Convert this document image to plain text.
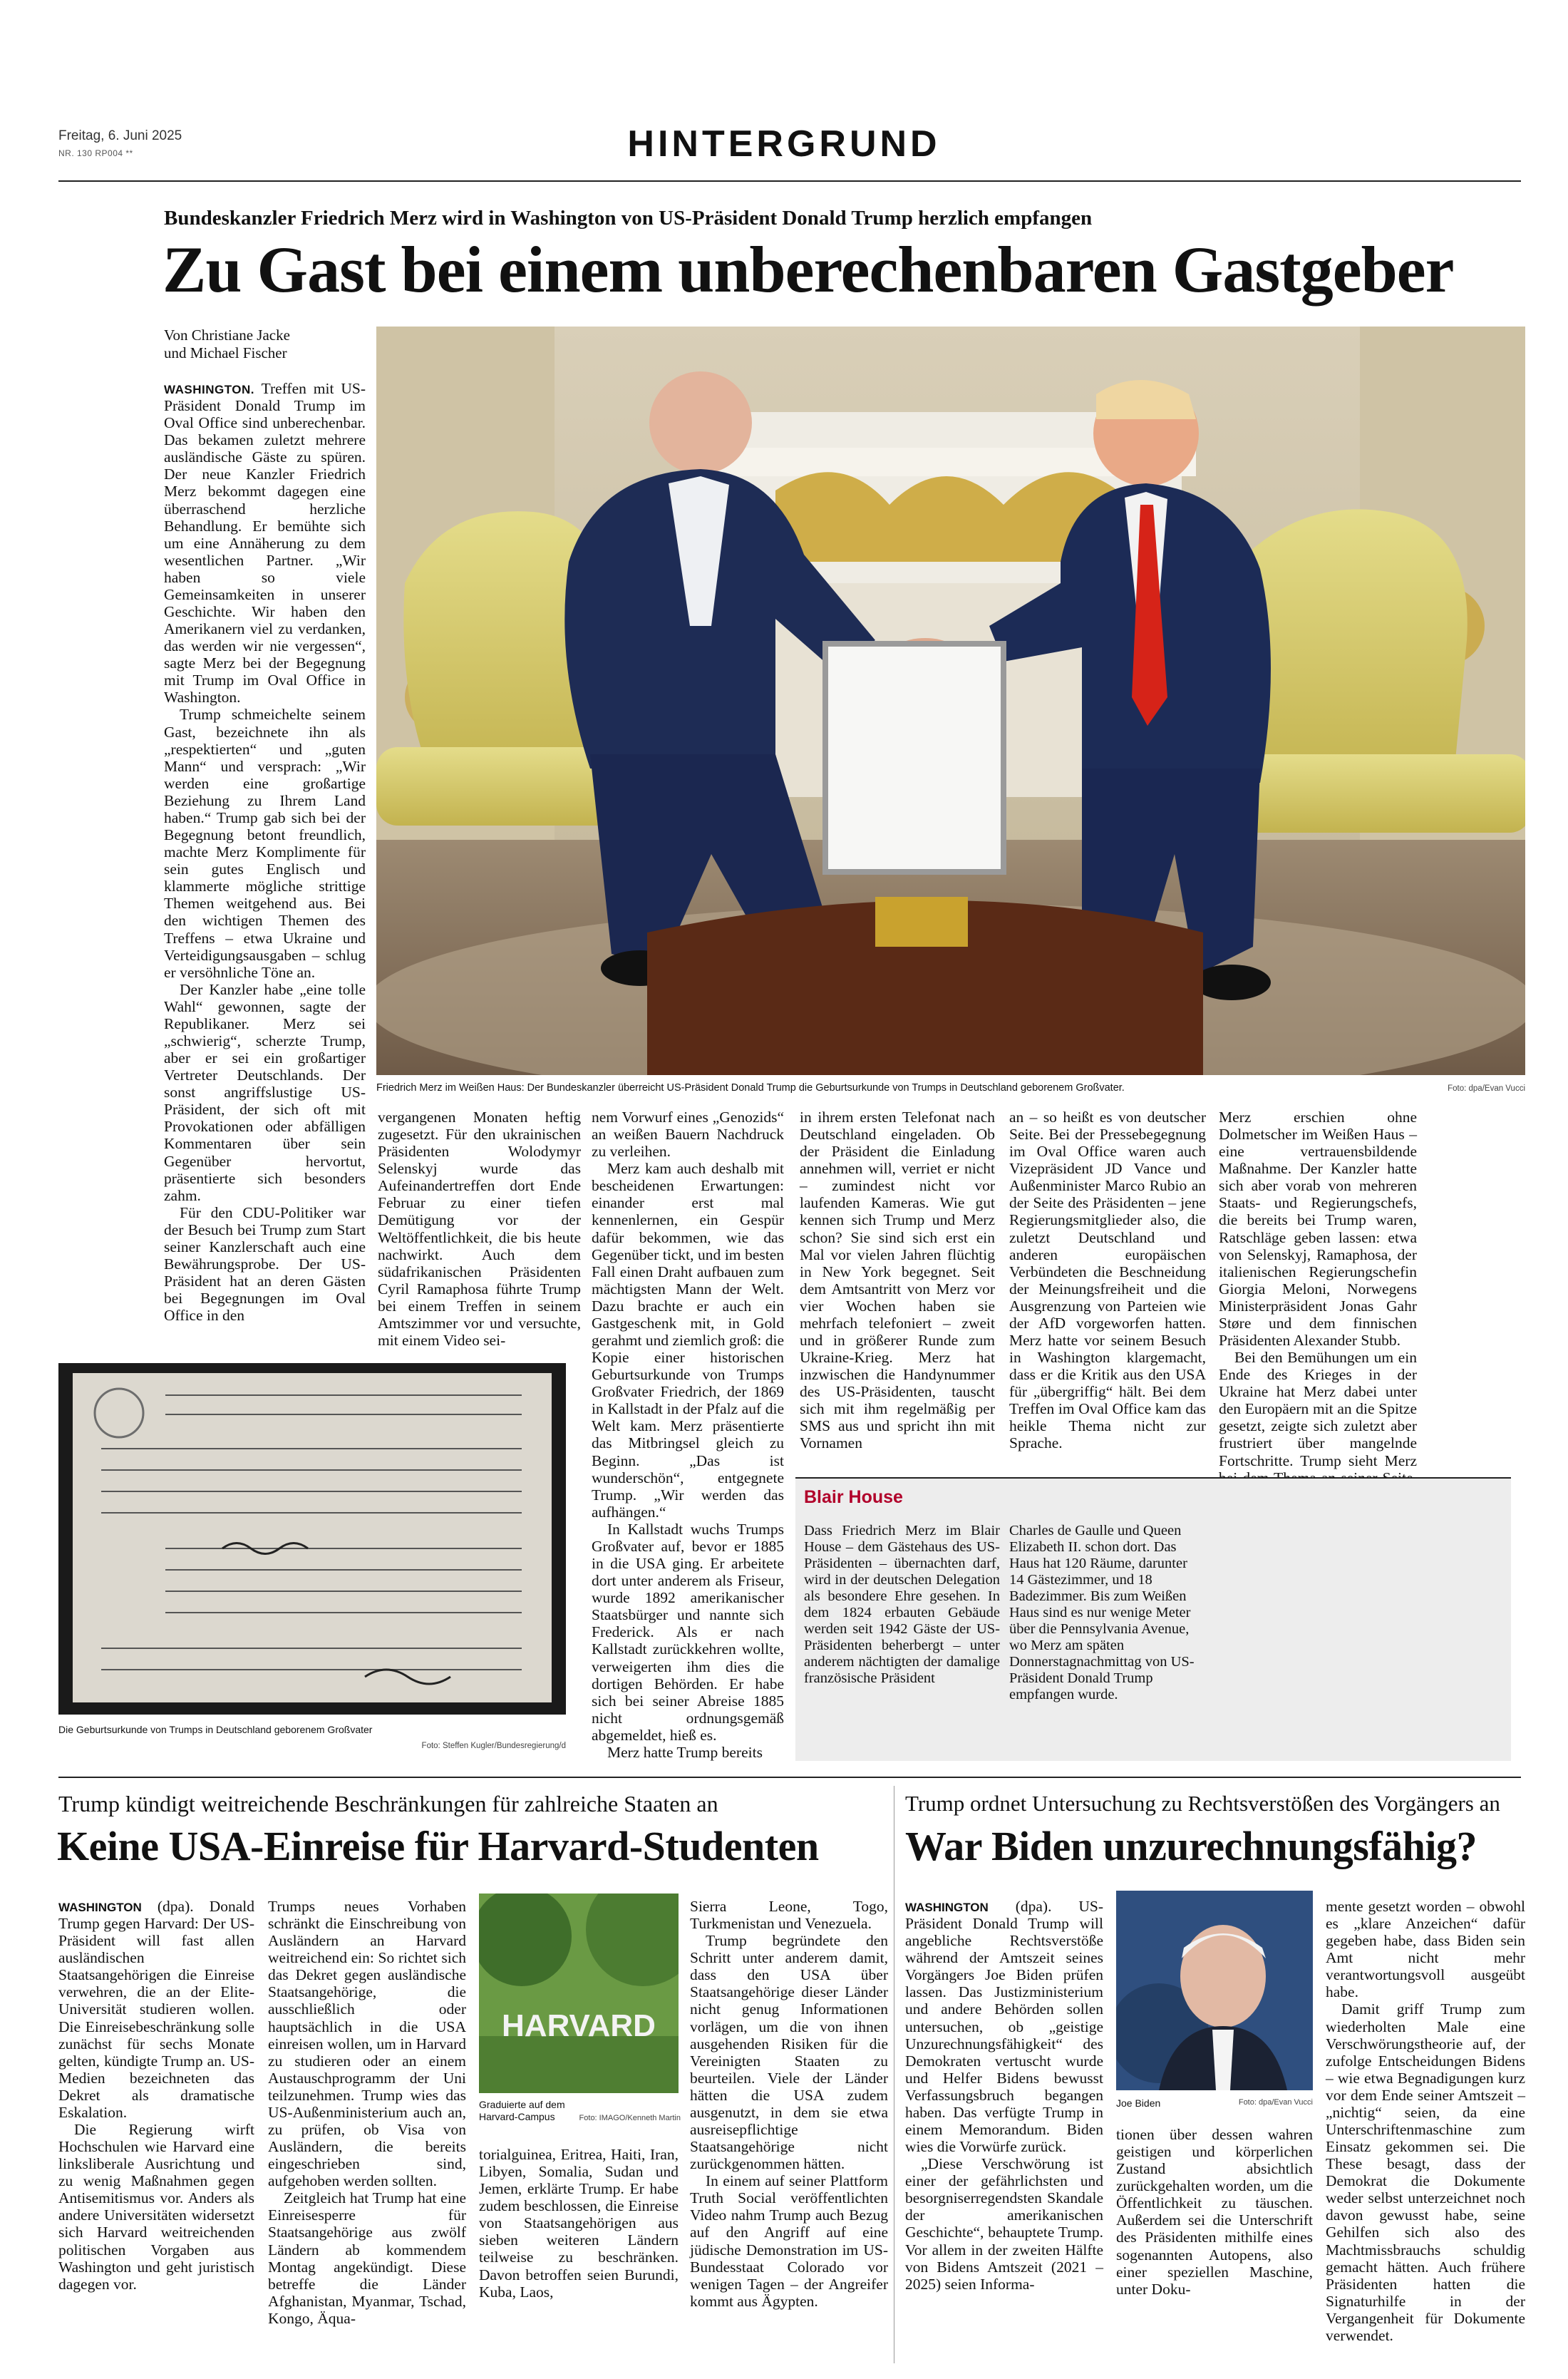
Freitag, 6. Juni 2025
NR. 130 RP004 **	HINTERGRUND
Bundeskanzler Friedrich Merz wird in Washington von US-Präsident Donald Trump herzlich empfangen
Zu Gast bei einem unberechenbaren Gastgeber
Von Christiane Jacke
und Michael Fischer

WASHINGTON. Treffen mit US-Präsident Donald Trump im Oval Office sind unberechenbar. Das bekamen zuletzt mehrere ausländische Gäste zu spüren. Der neue Kanzler Friedrich Merz bekommt dagegen eine überraschend herzliche Behandlung. Er bemühte sich um eine Annäherung zu dem wesentlichen Partner. „Wir haben so viele Gemeinsamkeiten in unserer Geschichte. Wir haben den Amerikanern viel zu verdanken, das werden wir nie vergessen“, sagte Merz bei der Begegnung mit Trump im Oval Office in Washington.

Trump schmeichelte seinem Gast, bezeichnete ihn als „respektierten“ und „guten Mann“ und versprach: „Wir werden eine großartige Beziehung zu Ihrem Land haben.“ Trump gab sich bei der Begegnung betont freundlich, machte Merz Komplimente für sein gutes Englisch und klammerte mögliche strittige Themen weitgehend aus. Bei den wichtigen Themen des Treffens – etwa Ukraine und Verteidigungsausgaben – schlug er versöhnliche Töne an.

Der Kanzler habe „eine tolle Wahl“ gewonnen, sagte der Republikaner. Merz sei „schwierig“, scherzte Trump, aber er sei ein großartiger Vertreter Deutschlands. Der sonst angriffslustige US-Präsident, der sich oft mit Provokationen oder abfälligen Kommentaren über sein Gegenüber hervortut, präsentierte sich besonders zahm.

Für den CDU-Politiker war der Besuch bei Trump zum Start seiner Kanzlerschaft auch eine Bewährungsprobe. Der US-Präsident hat an deren Gästen bei Begegnungen im Oval Office in den

Friedrich Merz im Weißen Haus: Der Bundeskanzler überreicht US-Präsident Donald Trump die Geburtsurkunde von Trumps in Deutschland geborenem Großvater.	Foto: dpa/Evan Vucci

vergangenen Monaten heftig zugesetzt. Für den ukrainischen Präsidenten Wolodymyr Selenskyj wurde das Aufeinandertreffen dort Ende Februar zu einer tiefen Demütigung vor der Weltöffentlichkeit, die bis heute nachwirkt. Auch dem südafrikanischen Präsidenten Cyril Ramaphosa führte Trump bei einem Treffen in seinem Amtszimmer vor und versuchte, mit einem Video sei-

nem Vorwurf eines „Genozids“ an weißen Bauern Nachdruck zu verleihen.

Merz kam auch deshalb mit bescheidenen Erwartungen: einander erst mal kennenlernen, ein Gespür dafür bekommen, wie das Gegenüber tickt, und im besten Fall einen Draht aufbauen zum mächtigsten Mann der Welt. Dazu brachte er auch ein Gastgeschenk mit, in Gold gerahmt und ziemlich groß: die Kopie einer historischen Geburtsurkunde von Trumps Großvater Friedrich, der 1869 in Kallstadt in der Pfalz auf die Welt kam. Merz präsentierte das Mitbringsel gleich zu Beginn. „Das ist wunderschön“, entgegnete Trump. „Wir werden das aufhängen.“

In Kallstadt wuchs Trumps Großvater auf, bevor er 1885 in die USA ging. Er arbeitete dort unter anderem als Friseur, wurde 1892 amerikanischer Staatsbürger und nannte sich Frederick. Als er nach Kallstadt zurückkehren wollte, verweigerten ihm dies die dortigen Behörden. Er habe sich bei seiner Abreise 1885 nicht ordnungsgemäß abgemeldet, hieß es.

Merz hatte Trump bereits

in ihrem ersten Telefonat nach Deutschland eingeladen. Ob der Präsident die Einladung annehmen will, verriet er nicht – zumindest nicht vor laufenden Kameras. Wie gut kennen sich Trump und Merz schon? Sie sind sich erst ein Mal vor vielen Jahren flüchtig in New York begegnet. Seit dem Amtsantritt von Merz vor vier Wochen haben sie mehrfach telefoniert – zweit und in größerer Runde zum Ukraine-Krieg. Merz hat inzwischen die Handynummer des US-Präsidenten, tauscht sich mit ihm regelmäßig per SMS aus und spricht ihn mit Vornamen

an – so heißt es von deutscher Seite. Bei der Pressebegegnung im Oval Office waren auch Vizepräsident JD Vance und Außenminister Marco Rubio an der Seite des Präsidenten – jene Regierungsmitglieder also, die zuletzt Deutschland und anderen europäischen Verbündeten die Beschneidung der Meinungsfreiheit und die Ausgrenzung von Parteien wie der AfD vorgeworfen hatten. Merz hatte vor seinem Besuch in Washington klargemacht, dass er die Kritik aus den USA für „übergriffig“ hält. Bei dem Treffen im Oval Office kam das heikle Thema nicht zur Sprache.

Merz erschien ohne Dolmetscher im Weißen Haus – eine vertrauensbildende Maßnahme. Der Kanzler hatte sich aber vorab von mehreren Staats- und Regierungschefs, die bereits bei Trump waren, Ratschläge geben lassen: etwa von Selenskyj, Ramaphosa, der italienischen Regierungschefin Giorgia Meloni, Norwegens Ministerpräsident Jonas Gahr Støre und dem finnischen Präsidenten Alexander Stubb.

Bei den Bemühungen um ein Ende des Krieges in der Ukraine hat Merz dabei unter den Europäern mit an die Spitze gesetzt, zeigte sich zuletzt aber frustriert über mangelnde Fortschritte. Trump sieht Merz

Die Geburtsurkunde von Trumps in Deutschland geborenem Großvater
Foto: Steffen Kugler/Bundesregierung/d
Blair House

Dass Friedrich Merz im Blair House – dem Gästehaus des US-Präsidenten – übernachten darf, wird in der deutschen Delegation als besondere Ehre gesehen. In dem 1824 erbauten Gebäude werden seit 1942 Gäste der US-Präsidenten beherbergt – unter anderem nächtigten der damalige französische Präsident

Charles de Gaulle und Queen Elizabeth II. schon dort. Das Haus hat 120 Räume, darunter 14 Gästezimmer, und 18 Badezimmer. Bis zum Weißen Haus sind es nur wenige Meter über die Pennsylvania Avenue, wo Merz am späten Donnerstagnachmittag von US-Präsident Donald Trump empfangen wurde.

Trump kündigt weitreichende Beschränkungen für zahlreiche Staaten an
Keine USA-Einreise für Harvard-Studenten

WASHINGTON (dpa). Donald Trump gegen Harvard: Der US-Präsident will fast allen ausländischen Staatsangehörigen die Einreise verwehren, die an der Elite-Universität studieren wollen. Die Einreisebeschränkung solle zunächst für sechs Monate gelten, kündigte Trump an. US-Medien bezeichneten das Dekret als dramatische Eskalation.

Die Regierung wirft Hochschulen wie Harvard eine linksliberale Ausrichtung und zu wenig Maßnahmen gegen Antisemitismus vor. Anders als andere Universitäten widersetzt sich Harvard weitreichenden politischen Vorgaben aus Washington und geht juristisch dagegen vor.

Trumps neues Vorhaben schränkt die Einschreibung von Ausländern an Harvard weitreichend ein: So richtet sich das Dekret gegen ausländische Staatsangehörige, die ausschließlich oder hauptsächlich in die USA einreisen wollen, um in Harvard zu studieren oder an einem Austauschprogramm der Uni teilzunehmen. Trump wies das US-Außenministerium auch an, zu prüfen, ob Visa von Ausländern, die bereits eingeschrieben sind, aufgehoben werden sollten.

Zeitgleich hat Trump hat eine Einreisesperre für Staatsangehörige aus zwölf Ländern ab kommendem Montag angekündigt. Diese betreffe die Länder Afghanistan, Myanmar, Tschad, Kongo, Äqua-

HARVARD
Graduierte auf dem Harvard-Campus	Foto: IMAGO/Kenneth Martin

torialguinea, Eritrea, Haiti, Iran, Libyen, Somalia, Sudan und Jemen, erklärte Trump. Er habe zudem beschlossen, die Einreise von Staatsangehörigen aus sieben weiteren Ländern teilweise zu beschränken. Davon betroffen seien Burundi, Kuba, Laos,

Sierra Leone, Togo, Turkmenistan und Venezuela.

Trump begründete den Schritt unter anderem damit, dass den USA über Staatsangehörige dieser Länder nicht genug Informationen vorlägen, um die von ihnen ausgehenden Risiken für die Vereinigten Staaten zu beurteilen. Viele der Länder hätten die USA zudem ausgenutzt, in dem sie etwa ausreisepflichtige Staatsangehörige nicht zurückgenommen hätten.

In einem auf seiner Plattform Truth Social veröffentlichten Video nahm Trump auch Bezug auf den Angriff auf eine jüdische Demonstration im US-Bundesstaat Colorado vor wenigen Tagen – der Angreifer kommt aus Ägypten.

Trump ordnet Untersuchung zu Rechtsverstößen des Vorgängers an
War Biden unzurechnungsfähig?

WASHINGTON (dpa). US-Präsident Donald Trump will angebliche Rechtsverstöße während der Amtszeit seines Vorgängers Joe Biden prüfen lassen. Das Justizministerium und andere Behörden sollen untersuchen, ob „geistige Unzurechnungsfähigkeit“ des Demokraten vertuscht wurde und Helfer Bidens bewusst Verfassungsbruch begangen haben. Das verfügte Trump in einem Memorandum. Biden wies die Vorwürfe zurück.

„Diese Verschwörung ist einer der gefährlichsten und besorgniserregendsten Skandale der amerikanischen Geschichte“, behauptete Trump. Vor allem in der zweiten Hälfte von Bidens Amtszeit (2021 – 2025) seien Informa-

Joe Biden	Foto: dpa/Evan Vucci

tionen über dessen wahren geistigen und körperlichen Zustand absichtlich zurückgehalten worden, um die Öffentlichkeit zu täuschen. Außerdem sei die Unterschrift des Präsidenten mithilfe eines sogenannten Autopens, also einer speziellen Maschine, unter Doku-

mente gesetzt worden – obwohl es „klare Anzeichen“ dafür gegeben habe, dass Biden sein Amt nicht mehr verantwortungsvoll ausgeübt habe.

Damit griff Trump zum wiederholten Male eine Verschwörungstheorie auf, der zufolge Entscheidungen Bidens – wie etwa Begnadigungen kurz vor dem Ende seiner Amtszeit – „nichtig“ seien, da eine Unterschriftenmaschine zum Einsatz gekommen sei. Die These besagt, dass der Demokrat die Dokumente weder selbst unterzeichnet noch davon gewusst habe, seine Gehilfen sich also des Machtmissbrauchs schuldig gemacht hätten. Auch frühere Präsidenten hatten die Signaturhilfe in der Vergangenheit für Dokumente verwendet.
